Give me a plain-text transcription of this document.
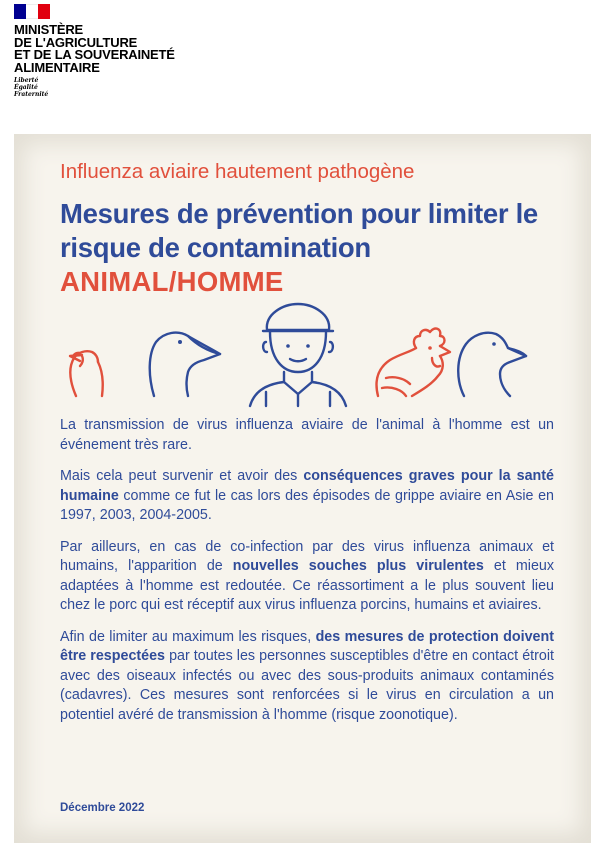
MINISTÈRE
DE L'AGRICULTURE
ET DE LA SOUVERAINETÉ
ALIMENTAIRE
Liberté
Égalité
Fraternité
Influenza aviaire hautement pathogène
Mesures de prévention pour limiter le risque de contamination
ANIMAL/HOMME

La transmission de virus influenza aviaire de l'animal à l'homme est un événement très rare.

Mais cela peut survenir et avoir des conséquences graves pour la santé humaine comme ce fut le cas lors des épisodes de grippe aviaire en Asie en 1997, 2003, 2004-2005.

Par ailleurs, en cas de co-infection par des virus influenza animaux et humains, l'apparition de nouvelles souches plus virulentes et mieux adaptées à l'homme est redoutée. Ce réassortiment a le plus souvent lieu chez le porc qui est réceptif aux virus influenza porcins, humains et aviaires.

Afin de limiter au maximum les risques, des mesures de protection doivent être respectées par toutes les personnes susceptibles d'être en contact étroit avec des oiseaux infectés ou avec des sous-produits animaux contaminés (cadavres). Ces mesures sont renforcées si le virus en circulation a un potentiel avéré de transmission à l'homme (risque zoonotique).

Décembre 2022
